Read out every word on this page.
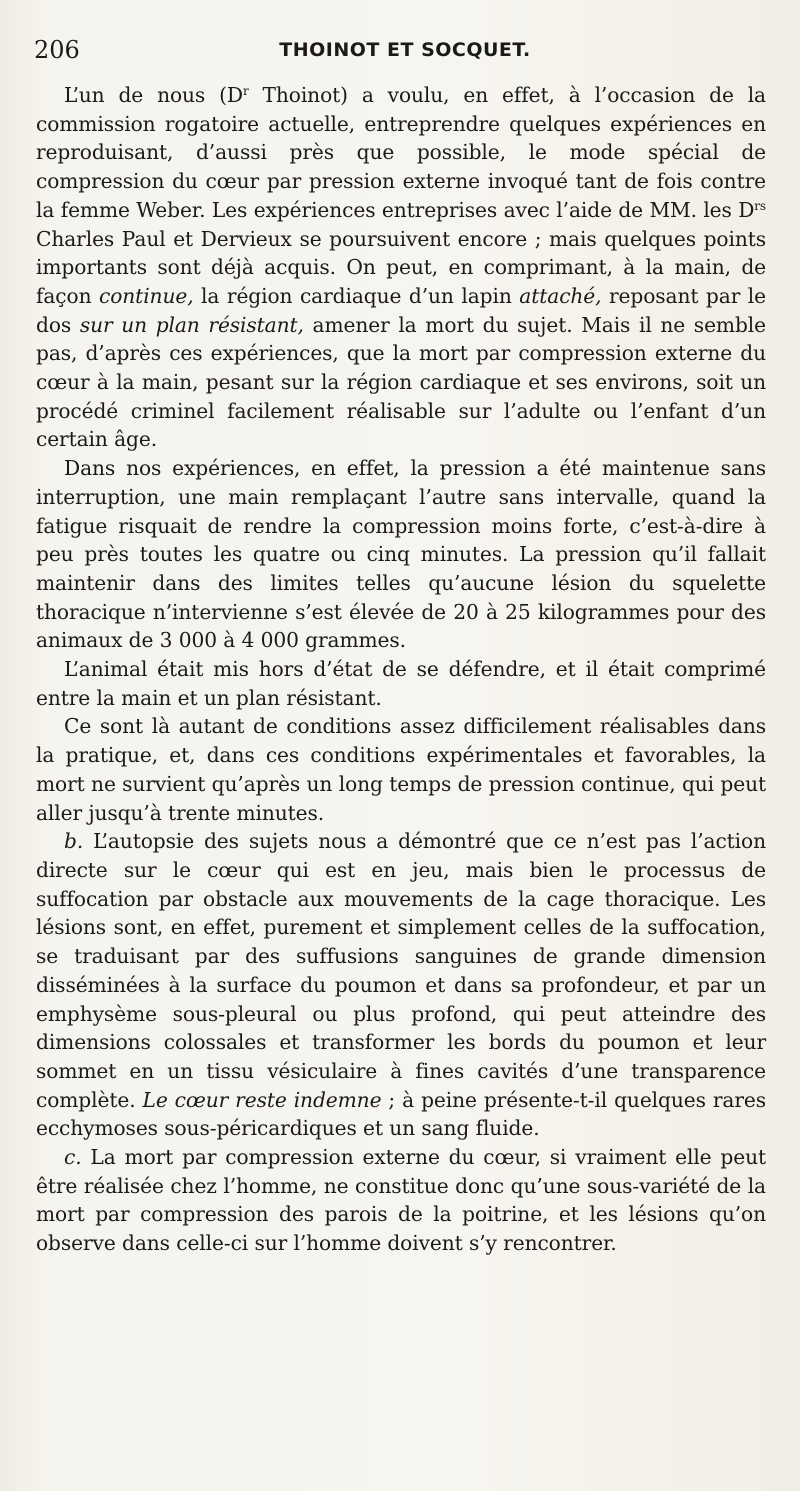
206	THOINOT ET SOCQUET.

L’un de nous ($D^r$ Thoinot) a voulu, en effet, à l’occasion de la commission rogatoire actuelle, entreprendre quelques expériences en reproduisant, d’aussi près que possible, le mode spécial de compression du cœur par pression externe invoqué tant de fois contre la femme Weber. Les expériences entreprises avec l’aide de MM. les $D^{rs}$ Charles Paul et Dervieux se poursuivent encore ; mais quelques points importants sont déjà acquis. On peut, en comprimant, à la main, de façon continue, la région cardiaque d’un lapin attaché, reposant par le dos sur un plan résistant, amener la mort du sujet. Mais il ne semble pas, d’après ces expériences, que la mort par compression externe du cœur à la main, pesant sur la région cardiaque et ses environs, soit un procédé criminel facilement réalisable sur l’adulte ou l’enfant d’un certain âge.

Dans nos expériences, en effet, la pression a été maintenue sans interruption, une main remplaçant l’autre sans intervalle, quand la fatigue risquait de rendre la compression moins forte, c’est-à-dire à peu près toutes les quatre ou cinq minutes. La pression qu’il fallait maintenir dans des limites telles qu’aucune lésion du squelette thoracique n’intervienne s’est élevée de 20 à 25 kilogrammes pour des animaux de 3 000 à 4 000 grammes.

L’animal était mis hors d’état de se défendre, et il était comprimé entre la main et un plan résistant.

Ce sont là autant de conditions assez difficilement réalisables dans la pratique, et, dans ces conditions expérimentales et favorables, la mort ne survient qu’après un long temps de pression continue, qui peut aller jusqu’à trente minutes.

b. L’autopsie des sujets nous a démontré que ce n’est pas l’action directe sur le cœur qui est en jeu, mais bien le processus de suffocation par obstacle aux mouvements de la cage thoracique. Les lésions sont, en effet, purement et simplement celles de la suffocation, se traduisant par des suffusions sanguines de grande dimension disséminées à la surface du poumon et dans sa profondeur, et par un emphysème sous-pleural ou plus profond, qui peut atteindre des dimensions colossales et transformer les bords du poumon et leur sommet en un tissu vésiculaire à fines cavités d’une transparence complète. Le cœur reste indemne ; à peine présente-t-il quelques rares ecchymoses sous-péricardiques et un sang fluide.

c. La mort par compression externe du cœur, si vraiment elle peut être réalisée chez l’homme, ne constitue donc qu’une sous-variété de la mort par compression des parois de la poitrine, et les lésions qu’on observe dans celle-ci sur l’homme doivent s’y rencontrer.
